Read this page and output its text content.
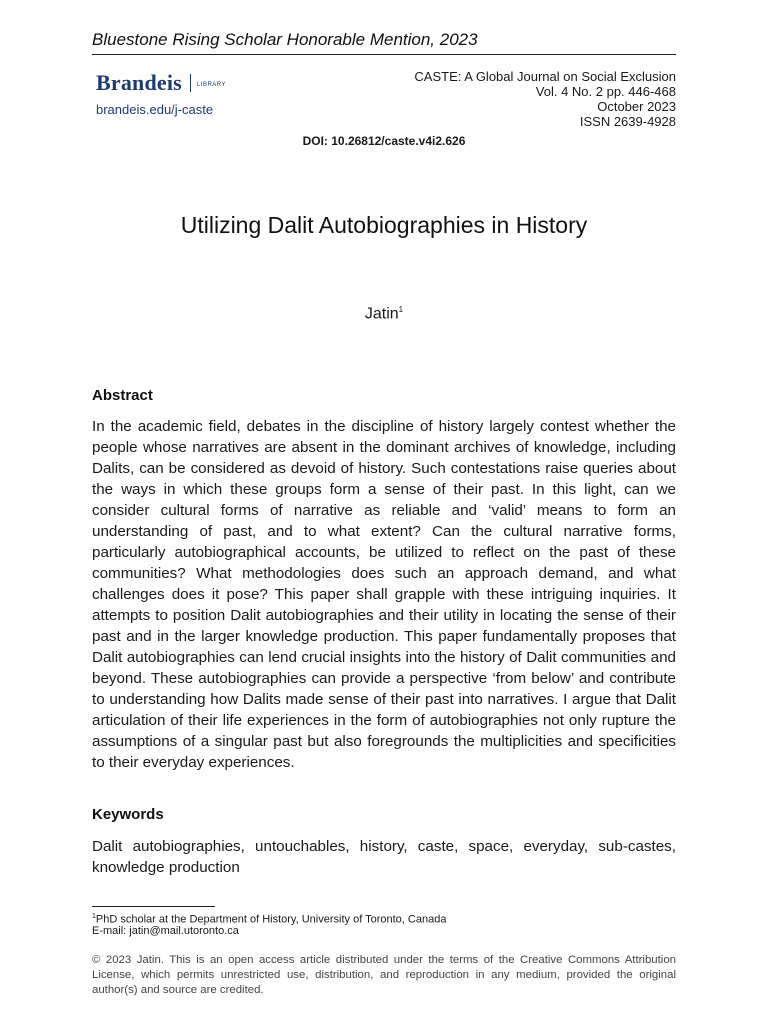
Bluestone Rising Scholar Honorable Mention, 2023
Brandeis	LIBRARY
brandeis.edu/j-caste
CASTE: A Global Journal on Social Exclusion
Vol. 4 No. 2 pp. 446-468
October 2023
ISSN 2639-4928
DOI: 10.26812/caste.v4i2.626
Utilizing Dalit Autobiographies in History
Jatin$^1$
Abstract
In the academic field, debates in the discipline of history largely contest whether the people whose narratives are absent in the dominant archives of knowledge, including Dalits, can be considered as devoid of history. Such contestations raise queries about the ways in which these groups form a sense of their past. In this light, can we consider cultural forms of narrative as reliable and ‘valid’ means to form an understanding of past, and to what extent? Can the cultural narrative forms, particularly autobiographical accounts, be utilized to reflect on the past of these communities? What methodologies does such an approach demand, and what challenges does it pose? This paper shall grapple with these intriguing inquiries. It attempts to position Dalit autobiographies and their utility in locating the sense of their past and in the larger knowledge production. This paper fundamentally proposes that Dalit autobiographies can lend crucial insights into the history of Dalit communities and beyond. These autobiographies can provide a perspective ‘from below’ and contribute to understanding how Dalits made sense of their past into narratives. I argue that Dalit articulation of their life experiences in the form of autobiographies not only rupture the assumptions of a singular past but also foregrounds the multiplicities and specificities to their everyday experiences.
Keywords
Dalit autobiographies, untouchables, history, caste, space, everyday, sub-castes, knowledge production
$^1$PhD scholar at the Department of History, University of Toronto, Canada
E-mail: jatin@mail.utoronto.ca
© 2023 Jatin. This is an open access article distributed under the terms of the Creative Commons Attribution License, which permits unrestricted use, distribution, and reproduction in any medium, provided the original author(s) and source are credited.
